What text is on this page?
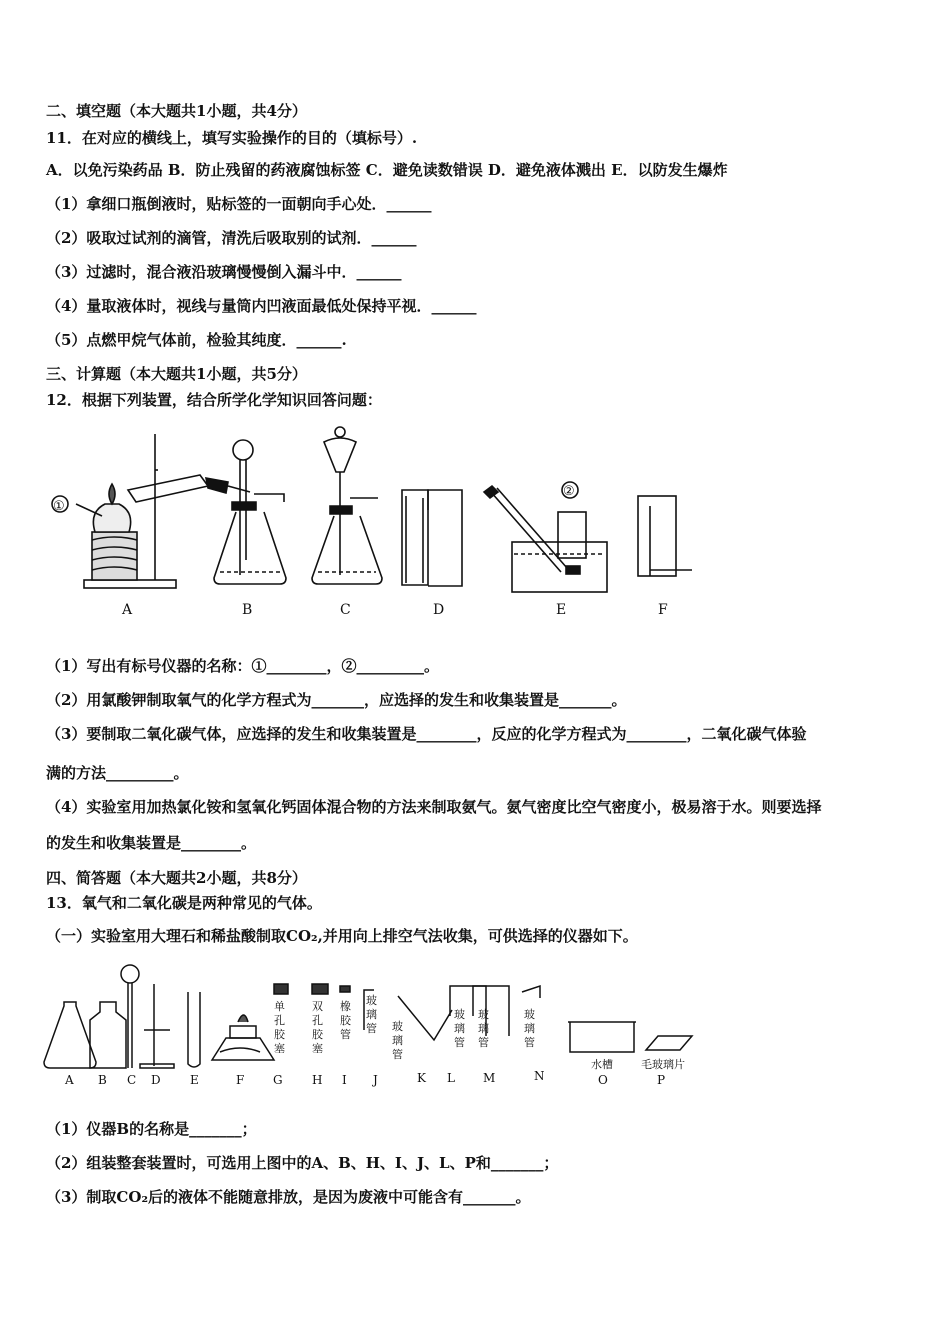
二、填空题（本大题共1小题，共4分）
11．在对应的横线上，填写实验操作的目的（填标号）.
A．以免污染药品 B．防止残留的药液腐蚀标签 C．避免读数错误 D．避免液体溅出 E．以防发生爆炸
（1）拿细口瓶倒液时，贴标签的一面朝向手心处．______
（2）吸取过试剂的滴管，清洗后吸取别的试剂．______
（3）过滤时，混合液沿玻璃慢慢倒入漏斗中．______
（4）量取液体时，视线与量筒内凹液面最低处保持平视．______
（5）点燃甲烷气体前，检验其纯度．______.
三、计算题（本大题共1小题，共5分）
12．根据下列装置，结合所学化学知识回答问题：
A	B	C	D	E	F
①
②
（1）写出有标号仪器的名称：①________，②_________。
（2）用氯酸钾制取氧气的化学方程式为_______，应选择的发生和收集装置是_______。
（3）要制取二氧化碳气体，应选择的发生和收集装置是________，反应的化学方程式为________，二氧化碳气体验
满的方法_________。
（4）实验室用加热氯化铵和氢氧化钙固体混合物的方法来制取氨气。氨气密度比空气密度小，极易溶于水。则要选择
的发生和收集装置是________。
四、简答题（本大题共2小题，共8分）
13．氧气和二氧化碳是两种常见的气体。
（一）实验室用大理石和稀盐酸制取CO₂,并用向上排空气法收集，可供选择的仪器如下。
A B C D E	F G H I J	K L M	N	O	P
单
孔
胶
塞
双
孔
胶
塞
橡
胶
管
玻
璃
管 玻
璃
管
玻
璃
管
玻
璃
管
玻
璃
管
水槽	毛玻璃片
（1）仪器B的名称是_______；
（2）组装整套装置时，可选用上图中的A、B、H、I、J、L、P和_______；
（3）制取CO₂后的液体不能随意排放，是因为废液中可能含有_______。
